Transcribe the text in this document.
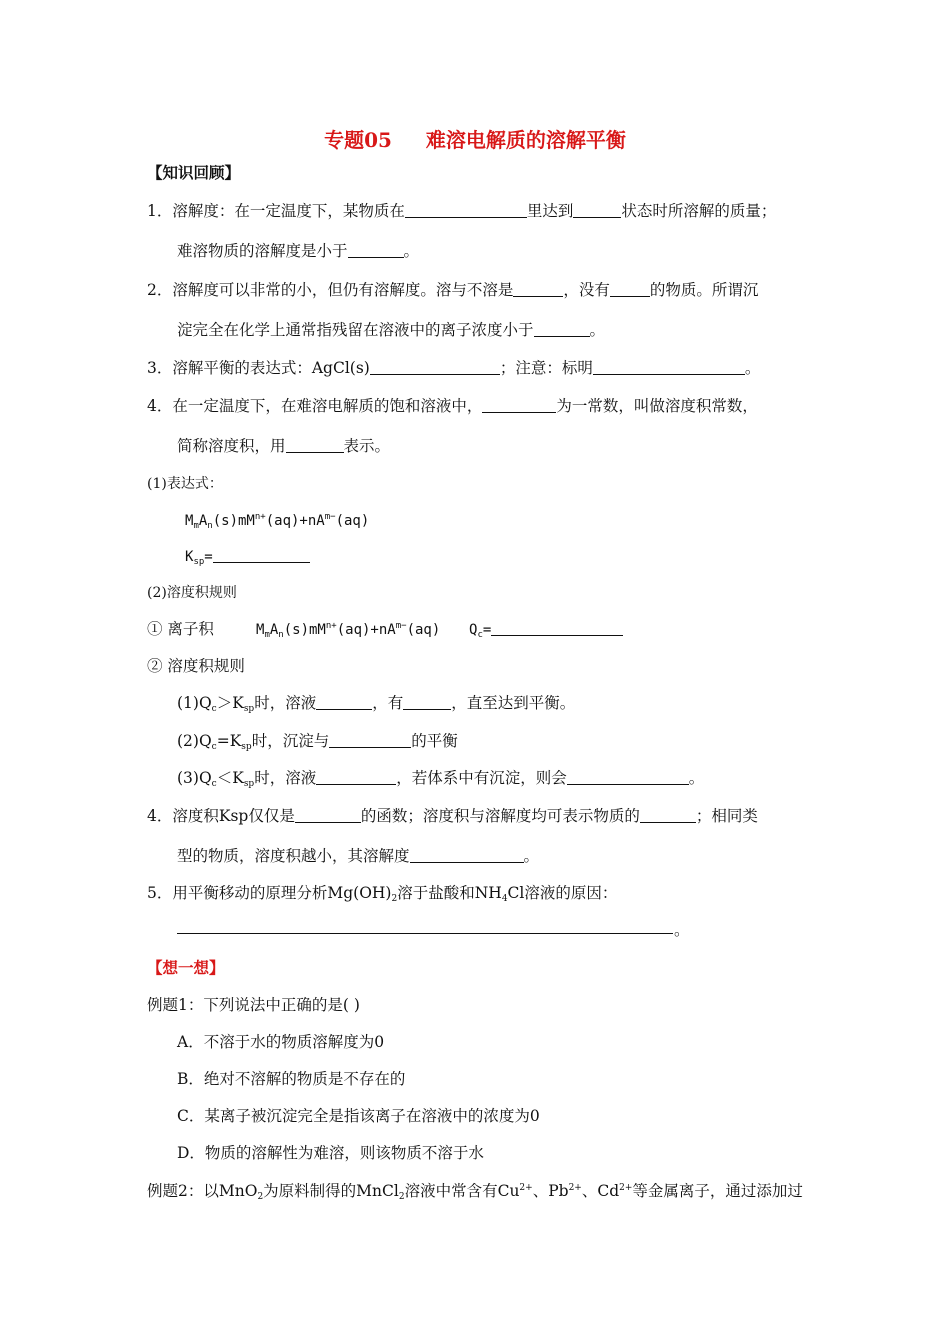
专题05 难溶电解质的溶解平衡
【知识回顾】
1．溶解度：在一定温度下，某物质在	里达到	状态时所溶解的质量；
难溶物质的溶解度是小于	。
2．溶解度可以非常的小，但仍有溶解度。溶与不溶是	，没有	的物质。所谓沉
淀完全在化学上通常指残留在溶液中的离子浓度小于	。
3．溶解平衡的表达式：AgCl(s)	；注意：标明	。
4．在一定温度下，在难溶电解质的饱和溶液中，	为一常数，叫做溶度积常数，
简称溶度积，用	表示。
(1)表达式：
$M_mA_n(s)mM^{n+}(aq)+nA^{m-}(aq)$
$K_{sp}=$
(2)溶度积规则
① 离子积	$M_mA_n(s)mM^{n+}(aq)+nA^{m-}(aq)$ $Q_c=$
② 溶度积规则
$(1)Q_c>K_{sp}$时，溶液	，有	，直至达到平衡。
$(2)Q_c=K_{sp}$时，沉淀与	的平衡
$(3)Q_c<K_{sp}$时，溶液	，若体系中有沉淀，则会	。
4．溶度积Ksp仅仅是	的函数；溶度积与溶解度均可表示物质的	；相同类
型的物质，溶度积越小，其溶解度	。
5．用平衡移动的原理分析$Mg(OH)_2$溶于盐酸和$NH_4Cl$溶液的原因：
。
【想一想】
例题1：下列说法中正确的是( )
A．不溶于水的物质溶解度为0
B．绝对不溶解的物质是不存在的
C．某离子被沉淀完全是指该离子在溶液中的浓度为0
D．物质的溶解性为难溶，则该物质不溶于水
例题2：以MnO$_2$为原料制得的MnCl$_2$溶液中常含有$Cu^{2+}$、$Pb^{2+}$、$Cd^{2+}$等金属离子，通过添加过
